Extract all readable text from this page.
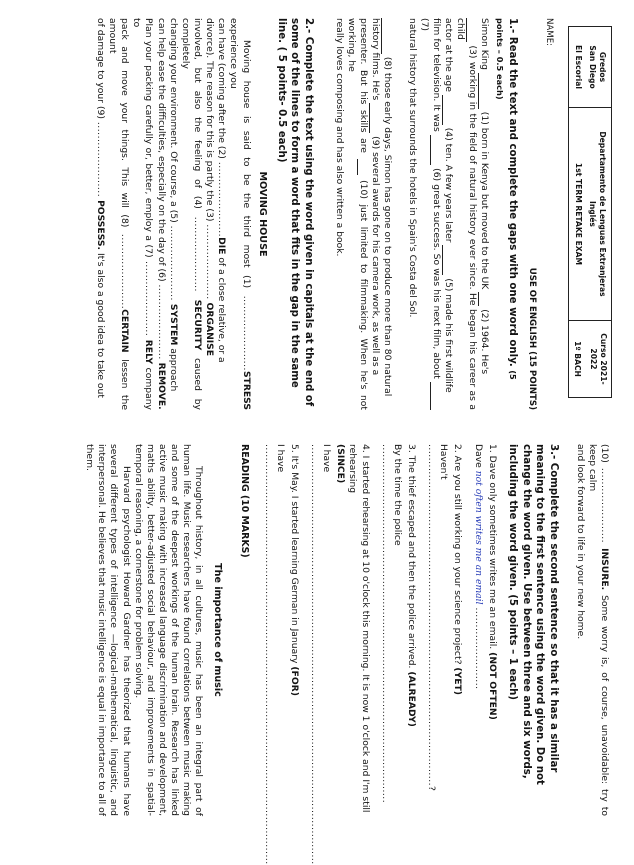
Gredos
San Diego
El Escorial

Departamento de Lenguas Extranjeras
Inglés
1st TERM RETAKE EXAM

Curso 2021-2022
1º BACH
NAME:
USE OF ENGLISH (15 POINTS)
1.- Read the text and complete the gaps with one word only. (5 points – 0.5 each)

Simon King  (1) born in Kenya but moved to the UK  (2) 1964. He's
(3) working in the field of natural history ever since. He began his career as a child
actor at the age  (4) ten. A few years later  (5) made his first wildlife
film for television. It was  (6) great success. So was his next film, about  (7)
natural history that surrounds the hotels in Spain's Costa del Sol.

(8) those early days, Simon has gone on to produce more than 80 natural
history films. He's  (9) several awards for his camera work, as well as a
presenter. But his skills are  (10) just limited to filmmaking. When he's not working, he
really loves composing and has also written a book.

2.- Complete the text using the word given in capitals at the end of some of the lines to form a word that fits in the gap in the same line. ( 5 points- 0.5 each)
MOVING HOUSE

Moving house is said to be the third most (1) ......................STRESS experience you

can have (coming after the (2) ......................DIE of a close relative, or a

divorce). The reason for this is partly the (3) ...................... ORGANISE

involved, but also the feeling of (4) ...................... SECURITY caused by completely

changing your environment. Of course, a (5) ...................... SYSTEM approach

can help ease the difficulties, especially on the day of (6) ...................... REMOVE.

Plan your packing carefully or, better, employ a (7) ...................... RELY company to

pack and move your things. This will (8) ......................CERTAIN lessen the amount

of damage to your (9) ...................... POSSESS. It's also a good idea to take out

(10) ...................... INSURE. Some worry is, of course, unavoidable: try to keep calm

and look forward to life in your new home.

3.- Complete the second sentence so that it has a similar meaning to the first sentence using the word given. Do not change the word given. Use between three and six words, including the word given. (5 points – 1 each)
1. Dave only sometimes writes me an email. (NOT OFTEN)
Dave not often writes me an email ........................
2. Are you still working on your science project? (YET)
Haven't ....................................................................................................?
3. The thief escaped and then the police arrived. (ALREADY)
By the time the police .........................................................................................................
4. I started rehearsing at 10 o'clock this morning. It is now 1 o'clock and I'm still rehearsing
(SINCE)
I have ...........................................................................................................................
5. It's May. I started learning German in January (FOR)
I have ...........................................................................................................................
READING (10 MARKS)
The importance of music

Throughout history, in all cultures, music has been an integral part of human life. Music researchers have found correlations between music making and some of the deepest workings of the human brain. Research has linked active music making with increased language discrimination and development, maths ability, better-adjusted social behaviour, and improvements in spatial-temporal reasoning, a cornerstone for problem solving.

Harvard psychologist Howard Gardner has theorized that humans have several different types of intelligence —logical-mathematical, linguistic, and interpersonal. He believes that music intelligence is equal in importance to all of them.
